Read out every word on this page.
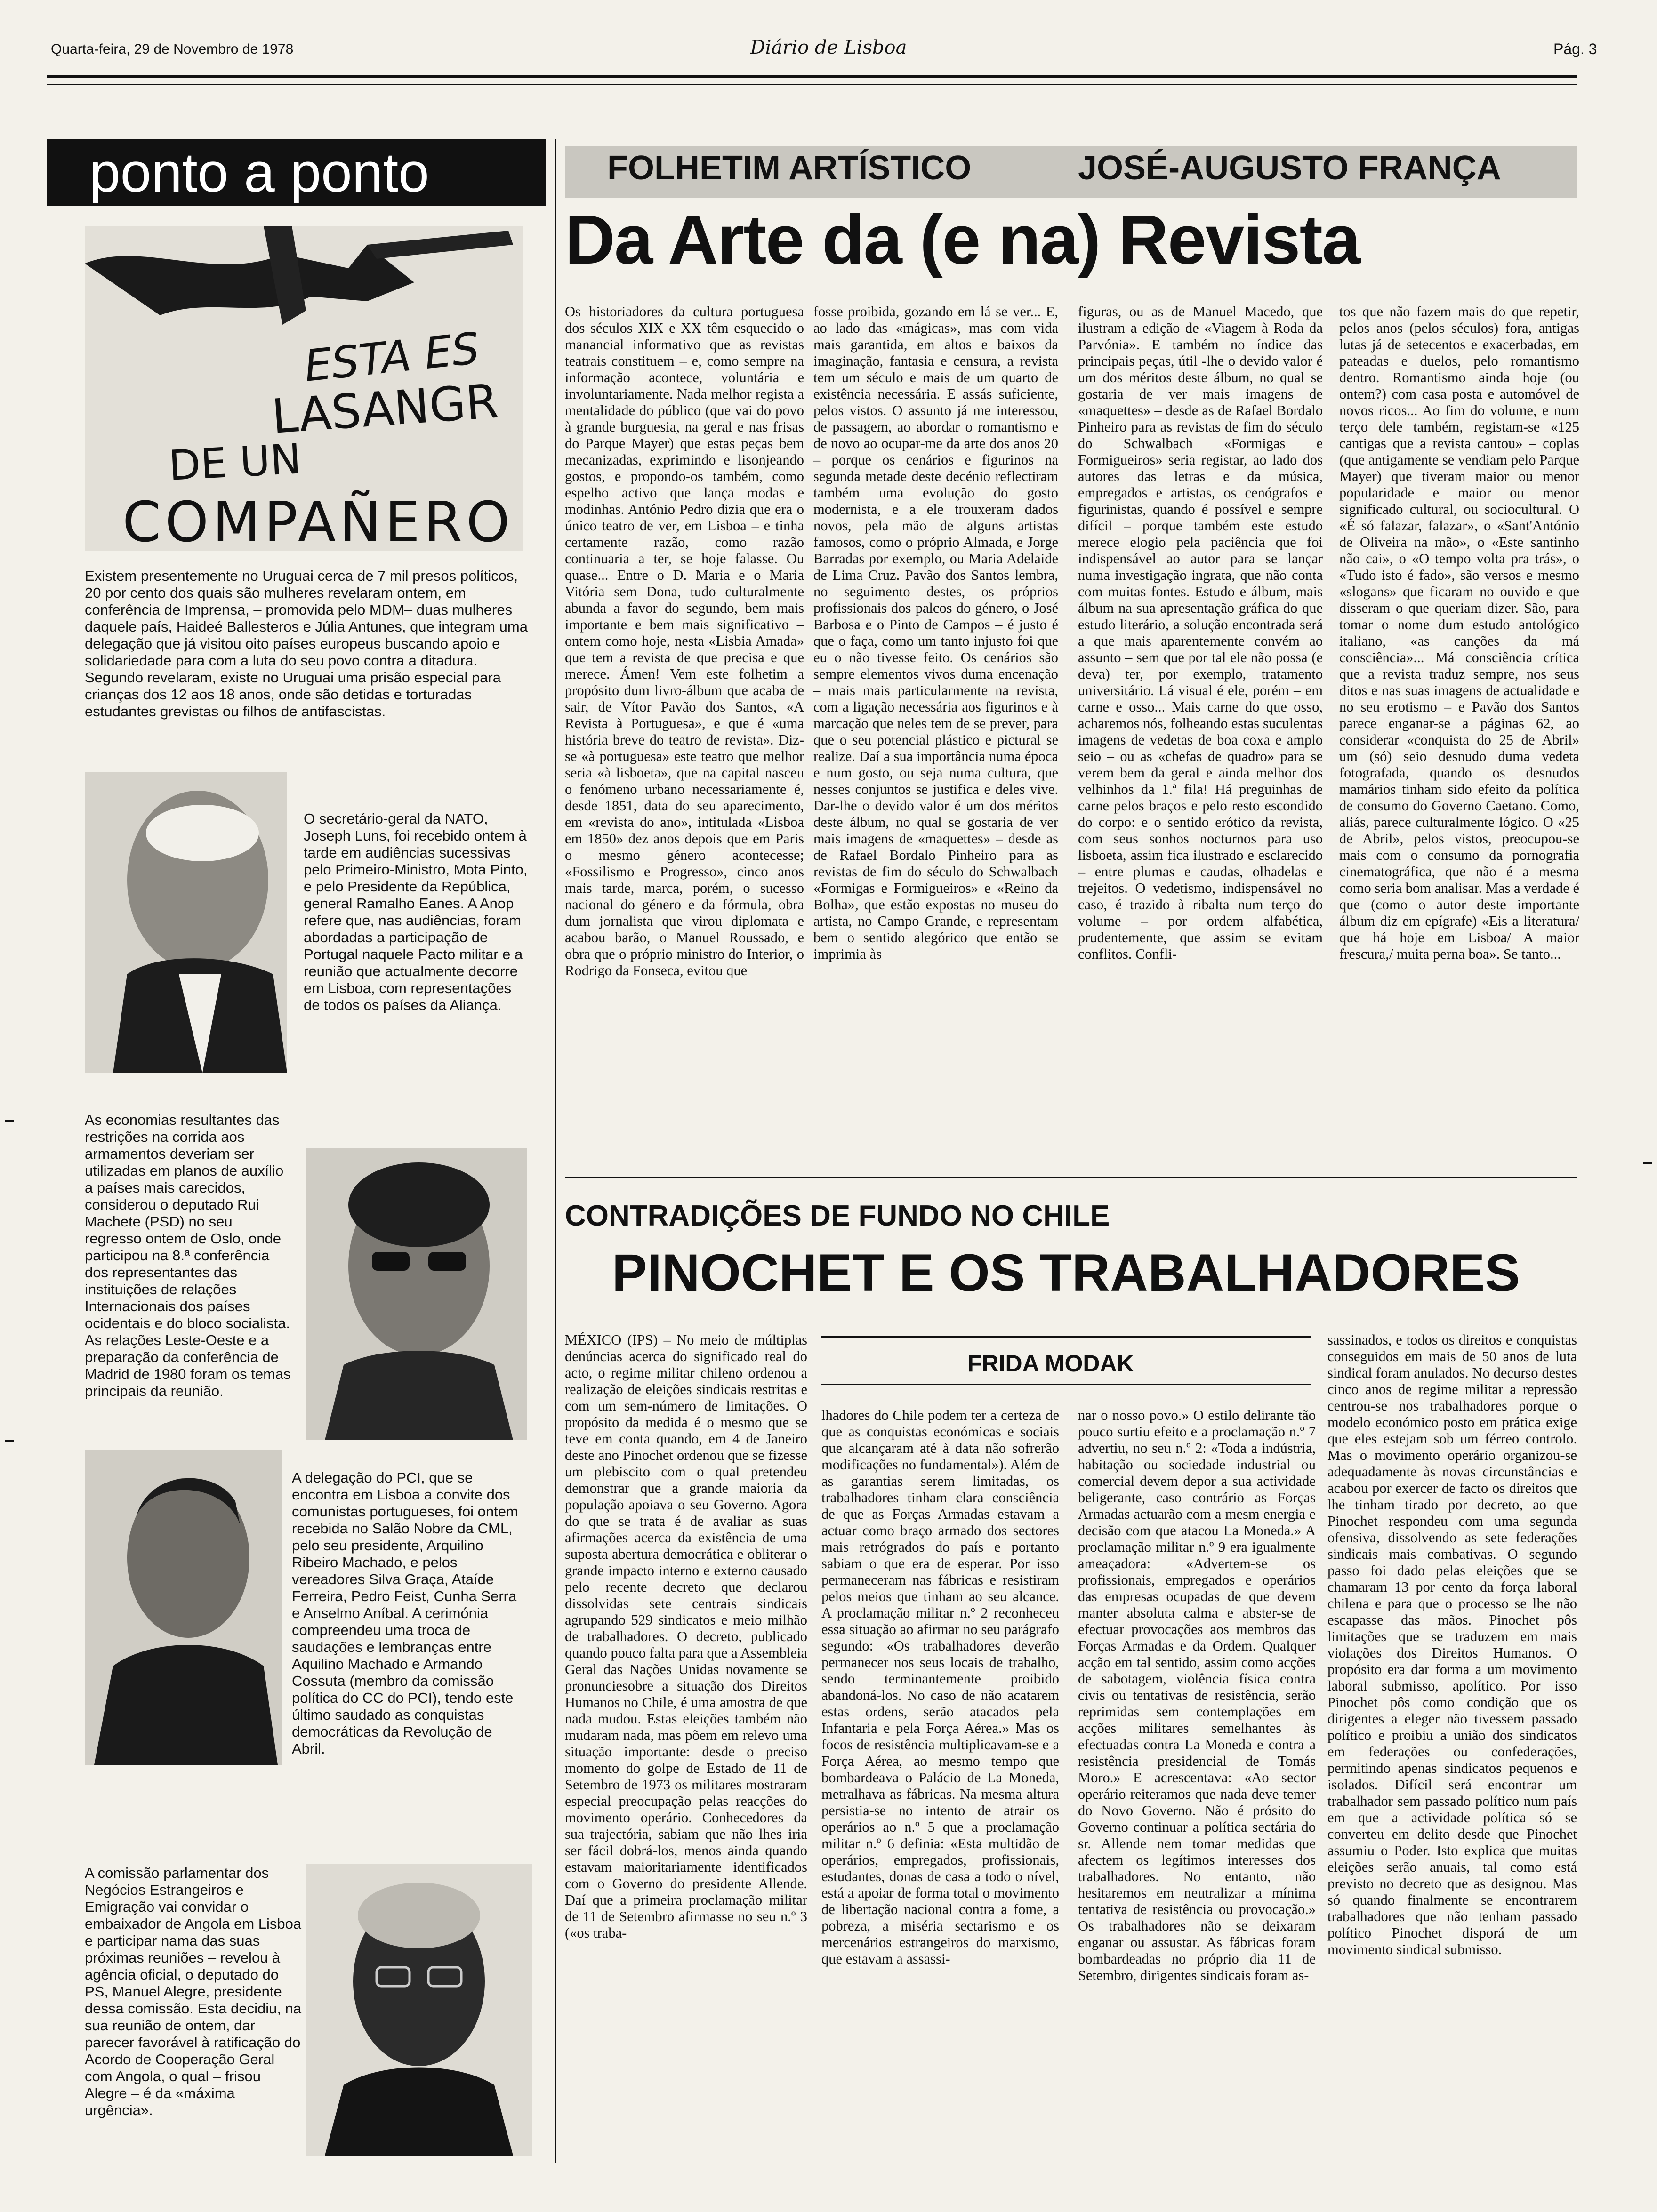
Quarta-feira, 29 de Novembro de 1978	Diário de Lisboa	Pág. 3
ponto a ponto
ESTA ES
LASANGR
DE UN
COMPAÑERO
Existem presentemente no Uruguai cerca de 7 mil presos políticos, 20 por cento dos quais são mulheres revelaram ontem, em conferência de Imprensa, – promovida pelo MDM– duas mulheres daquele país, Haideé Ballesteros e Júlia Antunes, que integram uma delegação que já visitou oito países europeus buscando apoio e solidariedade para com a luta do seu povo contra a ditadura. Segundo revelaram, existe no Uruguai uma prisão especial para crianças dos 12 aos 18 anos, onde são detidas e torturadas estudantes grevistas ou filhos de antifascistas.
O secretário-geral da NATO, Joseph Luns, foi recebido ontem à tarde em audiências sucessivas pelo Primeiro-Ministro, Mota Pinto, e pelo Presidente da República, general Ramalho Eanes. A Anop refere que, nas audiências, foram abordadas a participação de Portugal naquele Pacto militar e a reunião que actualmente decorre em Lisboa, com representações de todos os países da Aliança.
As economias resultantes das restrições na corrida aos armamentos deveriam ser utilizadas em planos de auxílio a países mais carecidos, considerou o deputado Rui Machete (PSD) no seu regresso ontem de Oslo, onde participou na 8.ª conferência dos representantes das instituições de relações Internacionais dos países ocidentais e do bloco socialista. As relações Leste-Oeste e a preparação da conferência de Madrid de 1980 foram os temas principais da reunião.
A delegação do PCI, que se encontra em Lisboa a convite dos comunistas portugueses, foi ontem recebida no Salão Nobre da CML, pelo seu presidente, Arquilino Ribeiro Machado, e pelos vereadores Silva Graça, Ataíde Ferreira, Pedro Feist, Cunha Serra e Anselmo Aníbal. A cerimónia compreendeu uma troca de saudações e lembranças entre Aquilino Machado e Armando Cossuta (membro da comissão política do CC do PCI), tendo este último saudado as conquistas democráticas da Revolução de Abril.
A comissão parlamentar dos Negócios Estrangeiros e Emigração vai convidar o embaixador de Angola em Lisboa e participar nama das suas próximas reuniões – revelou à agência oficial, o deputado do PS, Manuel Alegre, presidente dessa comissão. Esta decidiu, na sua reunião de ontem, dar parecer favorável à ratificação do Acordo de Cooperação Geral com Angola, o qual – frisou Alegre – é da «máxima urgência».
FOLHETIM ARTÍSTICO	JOSÉ-AUGUSTO FRANÇA
Da Arte da (e na) Revista
Os historiadores da cultura portuguesa dos séculos XIX e XX têm esquecido o manancial informativo que as revistas teatrais constituem – e, como sempre na informação acontece, voluntária e involuntariamente. Nada melhor regista a mentalidade do público (que vai do povo à grande burguesia, na geral e nas frisas do Parque Mayer) que estas peças bem mecanizadas, exprimindo e lisonjeando gostos, e propondo-os também, como espelho activo que lança modas e modinhas. António Pedro dizia que era o único teatro de ver, em Lisboa – e tinha certamente razão, como razão continuaria a ter, se hoje falasse. Ou quase... Entre o D. Maria e o Maria Vitória sem Dona, tudo culturalmente abunda a favor do segundo, bem mais importante e bem mais significativo – ontem como hoje, nesta «Lisbia Amada» que tem a revista de que precisa e que merece. Ámen! Vem este folhetim a propósito dum livro-álbum que acaba de sair, de Vítor Pavão dos Santos, «A Revista à Portuguesa», e que é «uma história breve do teatro de revista». Diz-se «à portuguesa» este teatro que melhor seria «à lisboeta», que na capital nasceu o fenómeno urbano necessariamente é, desde 1851, data do seu aparecimento, em «revista do ano», intitulada «Lisboa em 1850» dez anos depois que em Paris o mesmo género acontecesse; «Fossilismo e Progresso», cinco anos mais tarde, marca, porém, o sucesso nacional do género e da fórmula, obra dum jornalista que virou diplomata e acabou barão, o Manuel Roussado, e obra que o próprio ministro do Interior, o Rodrigo da Fonseca, evitou que
fosse proibida, gozando em lá se ver... E, ao lado das «mágicas», mas com vida mais garantida, em altos e baixos da imaginação, fantasia e censura, a revista tem um século e mais de um quarto de existência necessária. E assás suficiente, pelos vistos. O assunto já me interessou, de passagem, ao abordar o romantismo e de novo ao ocupar-me da arte dos anos 20 – porque os cenários e figurinos na segunda metade deste decénio reflectiram também uma evolução do gosto modernista, e a ele trouxeram dados novos, pela mão de alguns artistas famosos, como o próprio Almada, e Jorge Barradas por exemplo, ou Maria Adelaide de Lima Cruz. Pavão dos Santos lembra, no seguimento destes, os próprios profissionais dos palcos do género, o José Barbosa e o Pinto de Campos – é justo é que o faça, como um tanto injusto foi que eu o não tivesse feito. Os cenários são sempre elementos vivos duma encenação – mais mais particularmente na revista, com a ligação necessária aos figurinos e à marcação que neles tem de se prever, para que o seu potencial plástico e pictural se realize. Daí a sua importância numa época e num gosto, ou seja numa cultura, que nesses conjuntos se justifica e deles vive. Dar-lhe o devido valor é um dos méritos deste álbum, no qual se gostaria de ver mais imagens de «maquettes» – desde as de Rafael Bordalo Pinheiro para as revistas de fim do século do Schwalbach «Formigas e Formigueiros» e «Reino da Bolha», que estão expostas no museu do artista, no Campo Grande, e representam bem o sentido alegórico que então se imprimia às
figuras, ou as de Manuel Macedo, que ilustram a edição de «Viagem à Roda da Parvónia». E também no índice das principais peças, útil -lhe o devido valor é um dos méritos deste álbum, no qual se gostaria de ver mais imagens de «maquettes» – desde as de Rafael Bordalo Pinheiro para as revistas de fim do século do Schwalbach «Formigas e Formigueiros» seria registar, ao lado dos autores das letras e da música, empregados e artistas, os cenógrafos e figurinistas, quando é possível e sempre difícil – porque também este estudo merece elogio pela paciência que foi indispensável ao autor para se lançar numa investigação ingrata, que não conta com muitas fontes. Estudo e álbum, mais álbum na sua apresentação gráfica do que estudo literário, a solução encontrada será a que mais aparentemente convém ao assunto – sem que por tal ele não possa (e deva) ter, por exemplo, tratamento universitário. Lá visual é ele, porém – em carne e osso... Mais carne do que osso, acharemos nós, folheando estas suculentas imagens de vedetas de boa coxa e amplo seio – ou as «chefas de quadro» para se verem bem da geral e ainda melhor dos velhinhos da 1.ª fila! Há preguinhas de carne pelos braços e pelo resto escondido do corpo: e o sentido erótico da revista, com seus sonhos nocturnos para uso lisboeta, assim fica ilustrado e esclarecido – entre plumas e caudas, olhadelas e trejeitos. O vedetismo, indispensável no caso, é trazido à ribalta num terço do volume – por ordem alfabética, prudentemente, que assim se evitam conflitos. Confli-
tos que não fazem mais do que repetir, pelos anos (pelos séculos) fora, antigas lutas já de setecentos e exacerbadas, em pateadas e duelos, pelo romantismo dentro. Romantismo ainda hoje (ou ontem?) com casa posta e automóvel de novos ricos... Ao fim do volume, e num terço dele também, registam-se «125 cantigas que a revista cantou» – coplas (que antigamente se vendiam pelo Parque Mayer) que tiveram maior ou menor popularidade e maior ou menor significado cultural, ou sociocultural. O «É só falazar, falazar», o «Sant'António de Oliveira na mão», o «Este santinho não cai», o «O tempo volta pra trás», o «Tudo isto é fado», são versos e mesmo «slogans» que ficaram no ouvido e que disseram o que queriam dizer. São, para tomar o nome dum estudo antológico italiano, «as canções da má consciência»... Má consciência crítica que a revista traduz sempre, nos seus ditos e nas suas imagens de actualidade e no seu erotismo – e Pavão dos Santos parece enganar-se a páginas 62, ao considerar «conquista do 25 de Abril» um (só) seio desnudo duma vedeta fotografada, quando os desnudos mamários tinham sido efeito da política de consumo do Governo Caetano. Como, aliás, parece culturalmente lógico. O «25 de Abril», pelos vistos, preocupou-se mais com o consumo da pornografia cinematográfica, que não é a mesma como seria bom analisar. Mas a verdade é que (como o autor deste importante álbum diz em epígrafe) «Eis a literatura/ que há hoje em Lisboa/ A maior frescura,/ muita perna boa». Se tanto...
CONTRADIÇÕES DE FUNDO NO CHILE
PINOCHET E OS TRABALHADORES
FRIDA MODAK
MÉXICO (IPS) – No meio de múltiplas denúncias acerca do significado real do acto, o regime militar chileno ordenou a realização de eleições sindicais restritas e com um sem-número de limitações. O propósito da medida é o mesmo que se teve em conta quando, em 4 de Janeiro deste ano Pinochet ordenou que se fizesse um plebiscito com o qual pretendeu demonstrar que a grande maioria da população apoiava o seu Governo. Agora do que se trata é de avaliar as suas afirmações acerca da existência de uma suposta abertura democrática e obliterar o grande impacto interno e externo causado pelo recente decreto que declarou dissolvidas sete centrais sindicais agrupando 529 sindicatos e meio milhão de trabalhadores. O decreto, publicado quando pouco falta para que a Assembleia Geral das Nações Unidas novamente se pronunciesobre a situação dos Direitos Humanos no Chile, é uma amostra de que nada mudou. Estas eleições também não mudaram nada, mas põem em relevo uma situação importante: desde o preciso momento do golpe de Estado de 11 de Setembro de 1973 os militares mostraram especial preocupação pelas reacções do movimento operário. Conhecedores da sua trajectória, sabiam que não lhes iria ser fácil dobrá-los, menos ainda quando estavam maioritariamente identificados com o Governo do presidente Allende. Daí que a primeira proclamação militar de 11 de Setembro afirmasse no seu n.º 3 («os traba-
lhadores do Chile podem ter a certeza de que as conquistas económicas e sociais que alcançaram até à data não sofrerão modificações no fundamental»). Além de as garantias serem limitadas, os trabalhadores tinham clara consciência de que as Forças Armadas estavam a actuar como braço armado dos sectores mais retrógrados do país e portanto sabiam o que era de esperar. Por isso permaneceram nas fábricas e resistiram pelos meios que tinham ao seu alcance. A proclamação militar n.º 2 reconheceu essa situação ao afirmar no seu parágrafo segundo: «Os trabalhadores deverão permanecer nos seus locais de trabalho, sendo terminantemente proibido abandoná-los. No caso de não acatarem estas ordens, serão atacados pela Infantaria e pela Força Aérea.» Mas os focos de resistência multiplicavam-se e a Força Aérea, ao mesmo tempo que bombardeava o Palácio de La Moneda, metralhava as fábricas. Na mesma altura persistia-se no intento de atrair os operários ao n.º 5 que a proclamação militar n.º 6 definia: «Esta multidão de operários, empregados, profissionais, estudantes, donas de casa a todo o nível, está a apoiar de forma total o movimento de libertação nacional contra a fome, a pobreza, a miséria sectarismo e os mercenários estrangeiros do marxismo, que estavam a assassi-
nar o nosso povo.» O estilo delirante tão pouco surtiu efeito e a proclamação n.º 7 advertiu, no seu n.º 2: «Toda a indústria, habitação ou sociedade industrial ou comercial devem depor a sua actividade beligerante, caso contrário as Forças Armadas actuarão com a mesm energia e decisão com que atacou La Moneda.» A proclamação militar n.º 9 era igualmente ameaçadora: «Advertem-se os profissionais, empregados e operários das empresas ocupadas de que devem manter absoluta calma e abster-se de efectuar provocações aos membros das Forças Armadas e da Ordem. Qualquer acção em tal sentido, assim como acções de sabotagem, violência física contra civis ou tentativas de resistência, serão reprimidas sem contemplações em acções militares semelhantes às efectuadas contra La Moneda e contra a resistência presidencial de Tomás Moro.» E acrescentava: «Ao sector operário reiteramos que nada deve temer do Novo Governo. Não é prósito do Governo continuar a política sectária do sr. Allende nem tomar medidas que afectem os legítimos interesses dos trabalhadores. No entanto, não hesitaremos em neutralizar a mínima tentativa de resistência ou provocação.» Os trabalhadores não se deixaram enganar ou assustar. As fábricas foram bombardeadas no próprio dia 11 de Setembro, dirigentes sindicais foram as-
sassinados, e todos os direitos e conquistas conseguidos em mais de 50 anos de luta sindical foram anulados. No decurso destes cinco anos de regime militar a repressão centrou-se nos trabalhadores porque o modelo económico posto em prática exige que eles estejam sob um férreo controlo. Mas o movimento operário organizou-se adequadamente às novas circunstâncias e acabou por exercer de facto os direitos que lhe tinham tirado por decreto, ao que Pinochet respondeu com uma segunda ofensiva, dissolvendo as sete federações sindicais mais combativas. O segundo passo foi dado pelas eleições que se chamaram 13 por cento da força laboral chilena e para que o processo se lhe não escapasse das mãos. Pinochet pôs limitações que se traduzem em mais violações dos Direitos Humanos. O propósito era dar forma a um movimento laboral submisso, apolítico. Por isso Pinochet pôs como condição que os dirigentes a eleger não tivessem passado político e proibiu a união dos sindicatos em federações ou confederações, permitindo apenas sindicatos pequenos e isolados. Difícil será encontrar um trabalhador sem passado político num país em que a actividade política só se converteu em delito desde que Pinochet assumiu o Poder. Isto explica que muitas eleições serão anuais, tal como está previsto no decreto que as designou. Mas só quando finalmente se encontrarem trabalhadores que não tenham passado político Pinochet disporá de um movimento sindical submisso.
